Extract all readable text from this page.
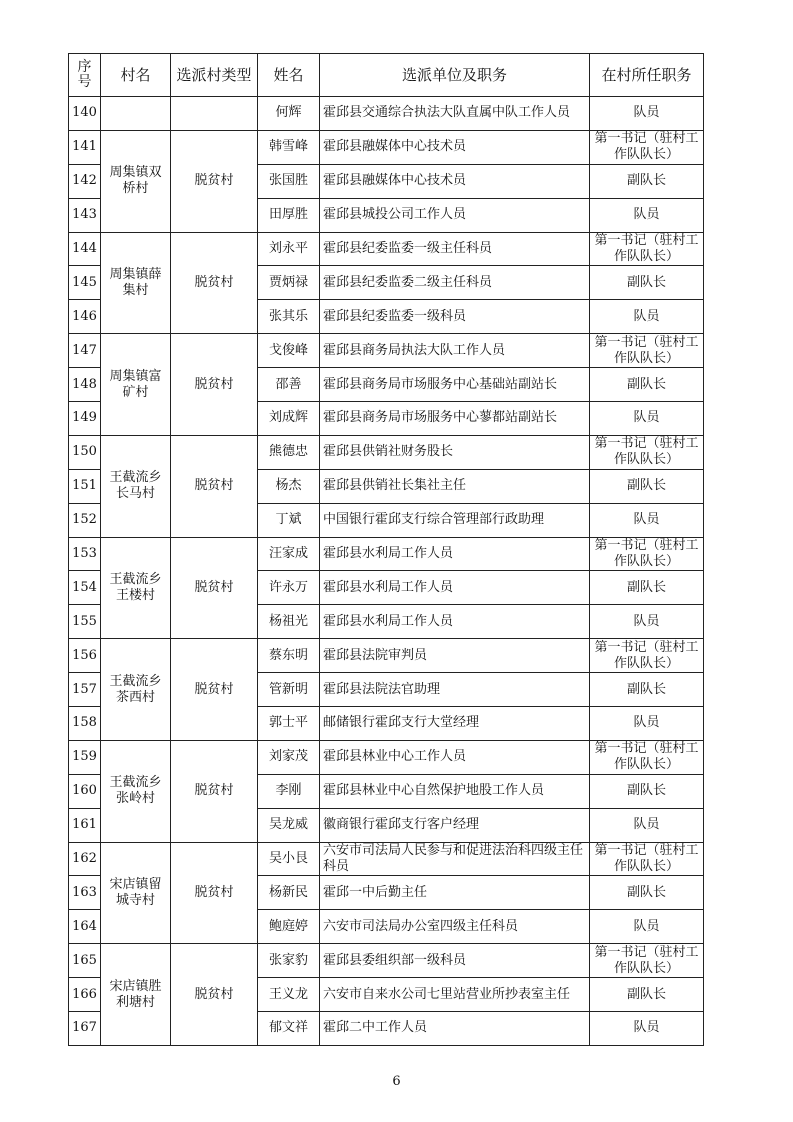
序号	村名	选派村类型	姓名	选派单位及职务	在村所任职务
140			何辉	霍邱县交通综合执法大队直属中队工作人员	队员
141	周集镇双桥村	脱贫村	韩雪峰	霍邱县融媒体中心技术员	第一书记（驻村工作队队长）
142			张国胜	霍邱县融媒体中心技术员	副队长
143			田厚胜	霍邱县城投公司工作人员	队员
144	周集镇薛集村	脱贫村	刘永平	霍邱县纪委监委一级主任科员	第一书记（驻村工作队队长）
145			贾炳禄	霍邱县纪委监委二级主任科员	副队长
146			张其乐	霍邱县纪委监委一级科员	队员
147	周集镇富矿村	脱贫村	戈俊峰	霍邱县商务局执法大队工作人员	第一书记（驻村工作队队长）
148			邵善	霍邱县商务局市场服务中心基础站副站长	副队长
149			刘成辉	霍邱县商务局市场服务中心蓼都站副站长	队员
150	王截流乡长马村	脱贫村	熊德忠	霍邱县供销社财务股长	第一书记（驻村工作队队长）
151			杨杰	霍邱县供销社长集社主任	副队长
152			丁斌	中国银行霍邱支行综合管理部行政助理	队员
153	王截流乡王楼村	脱贫村	汪家成	霍邱县水利局工作人员	第一书记（驻村工作队队长）
154			许永万	霍邱县水利局工作人员	副队长
155			杨祖光	霍邱县水利局工作人员	队员
156	王截流乡茶西村	脱贫村	蔡东明	霍邱县法院审判员	第一书记（驻村工作队队长）
157			管新明	霍邱县法院法官助理	副队长
158			郭士平	邮储银行霍邱支行大堂经理	队员
159	王截流乡张岭村	脱贫村	刘家茂	霍邱县林业中心工作人员	第一书记（驻村工作队队长）
160			李刚	霍邱县林业中心自然保护地股工作人员	副队长
161			吴龙威	徽商银行霍邱支行客户经理	队员
162	宋店镇留城寺村	脱贫村	吴小艮	六安市司法局人民参与和促进法治科四级主任科员	第一书记（驻村工作队队长）
163			杨新民	霍邱一中后勤主任	副队长
164			鲍庭婷	六安市司法局办公室四级主任科员	队员
165	宋店镇胜利塘村	脱贫村	张家豹	霍邱县委组织部一级科员	第一书记（驻村工作队队长）
166			王义龙	六安市自来水公司七里站营业所抄表室主任	副队长
167			郁文祥	霍邱二中工作人员	队员
6
